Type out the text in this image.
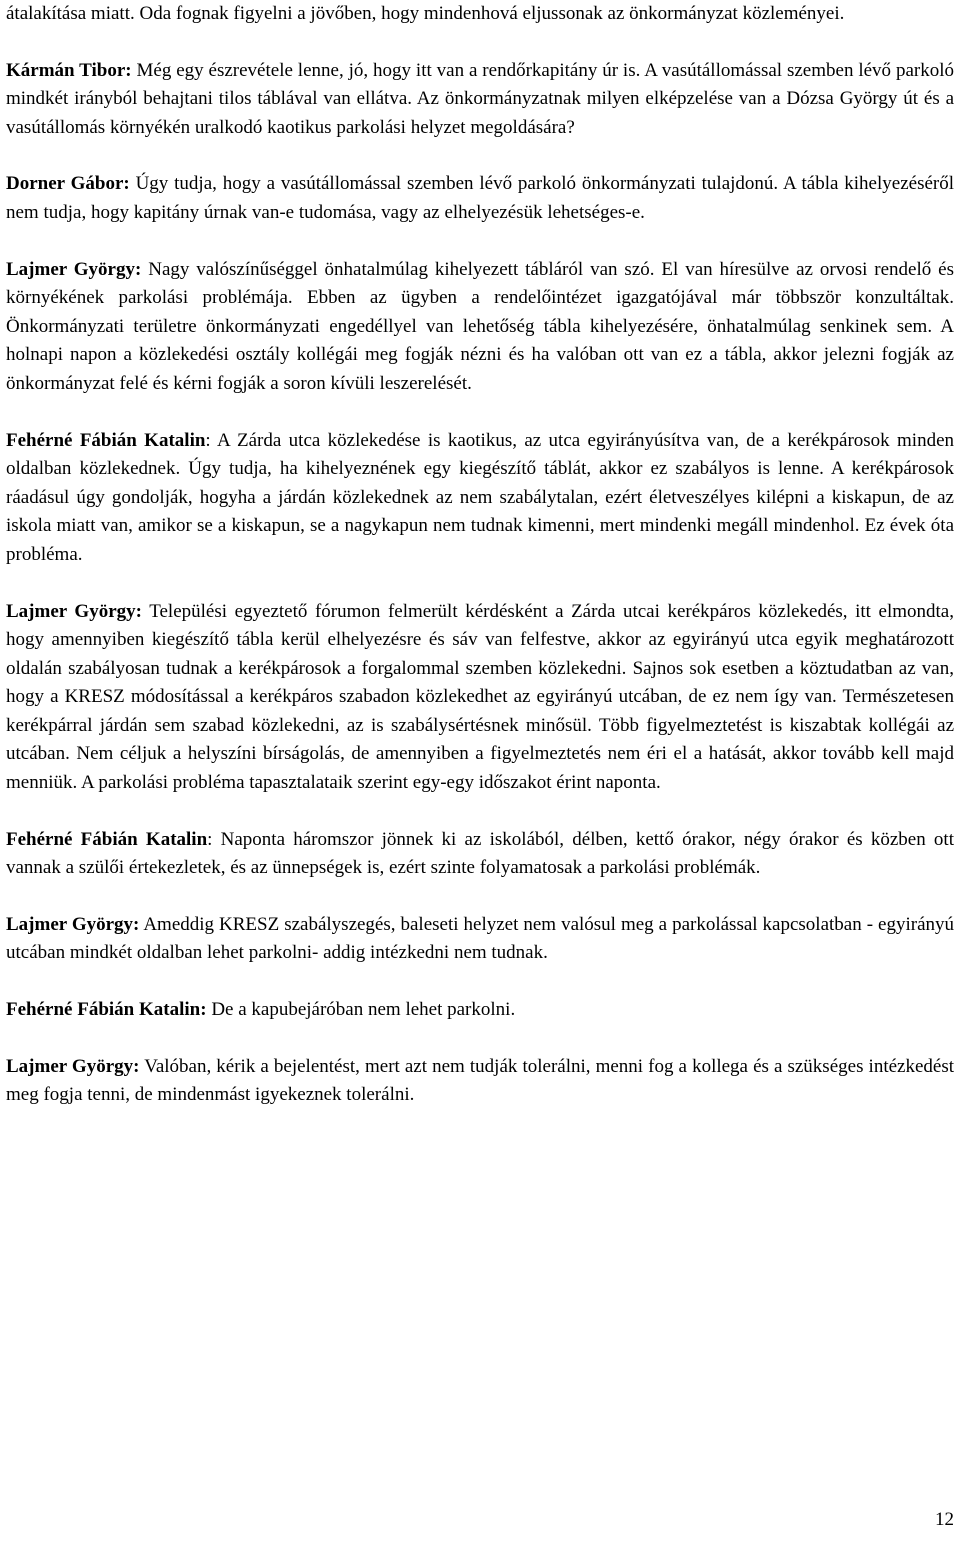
átalakítása miatt. Oda fognak figyelni a jövőben, hogy mindenhová eljussonak az önkormányzat közleményei.

Kármán Tibor: Még egy észrevétele lenne, jó, hogy itt van a rendőrkapitány úr is. A vasútállomással szemben lévő parkoló mindkét irányból behajtani tilos táblával van ellátva. Az önkormányzatnak milyen elképzelése van a Dózsa György út és a vasútállomás környékén uralkodó kaotikus parkolási helyzet megoldására?

Dorner Gábor: Úgy tudja, hogy a vasútállomással szemben lévő parkoló önkormányzati tulajdonú. A tábla kihelyezéséről nem tudja, hogy kapitány úrnak van-e tudomása, vagy az elhelyezésük lehetséges-e.

Lajmer György: Nagy valószínűséggel önhatalmúlag kihelyezett tábláról van szó. El van híresülve az orvosi rendelő és környékének parkolási problémája. Ebben az ügyben a rendelőintézet igazgatójával már többször konzultáltak. Önkormányzati területre önkormányzati engedéllyel van lehetőség tábla kihelyezésére, önhatalmúlag senkinek sem. A holnapi napon a közlekedési osztály kollégái meg fogják nézni és ha valóban ott van ez a tábla, akkor jelezni fogják az önkormányzat felé és kérni fogják a soron kívüli leszerelését.

Fehérné Fábián Katalin: A Zárda utca közlekedése is kaotikus, az utca egyirányúsítva van, de a kerékpárosok minden oldalban közlekednek. Úgy tudja, ha kihelyeznének egy kiegészítő táblát, akkor ez szabályos is lenne. A kerékpárosok ráadásul úgy gondolják, hogyha a járdán közlekednek az nem szabálytalan, ezért életveszélyes kilépni a kiskapun, de az iskola miatt van, amikor se a kiskapun, se a nagykapun nem tudnak kimenni, mert mindenki megáll mindenhol. Ez évek óta probléma.

Lajmer György: Települési egyeztető fórumon felmerült kérdésként a Zárda utcai kerékpáros közlekedés, itt elmondta, hogy amennyiben kiegészítő tábla kerül elhelyezésre és sáv van felfestve, akkor az egyirányú utca egyik meghatározott oldalán szabályosan tudnak a kerékpárosok a forgalommal szemben közlekedni. Sajnos sok esetben a köztudatban az van, hogy a KRESZ módosítással a kerékpáros szabadon közlekedhet az egyirányú utcában, de ez nem így van. Természetesen kerékpárral járdán sem szabad közlekedni, az is szabálysértésnek minősül. Több figyelmeztetést is kiszabtak kollégái az utcában. Nem céljuk a helyszíni bírságolás, de amennyiben a figyelmeztetés nem éri el a hatását, akkor tovább kell majd menniük. A parkolási probléma tapasztalataik szerint egy-egy időszakot érint naponta.

Fehérné Fábián Katalin: Naponta háromszor jönnek ki az iskolából, délben, kettő órakor, négy órakor és közben ott vannak a szülői értekezletek, és az ünnepségek is, ezért szinte folyamatosak a parkolási problémák.

Lajmer György: Ameddig KRESZ szabályszegés, baleseti helyzet nem valósul meg a parkolással kapcsolatban - egyirányú utcában mindkét oldalban lehet parkolni- addig intézkedni nem tudnak.

Fehérné Fábián Katalin: De a kapubejáróban nem lehet parkolni.

Lajmer György: Valóban, kérik a bejelentést, mert azt nem tudják tolerálni, menni fog a kollega és a szükséges intézkedést meg fogja tenni, de mindenmást igyekeznek tolerálni.

12
